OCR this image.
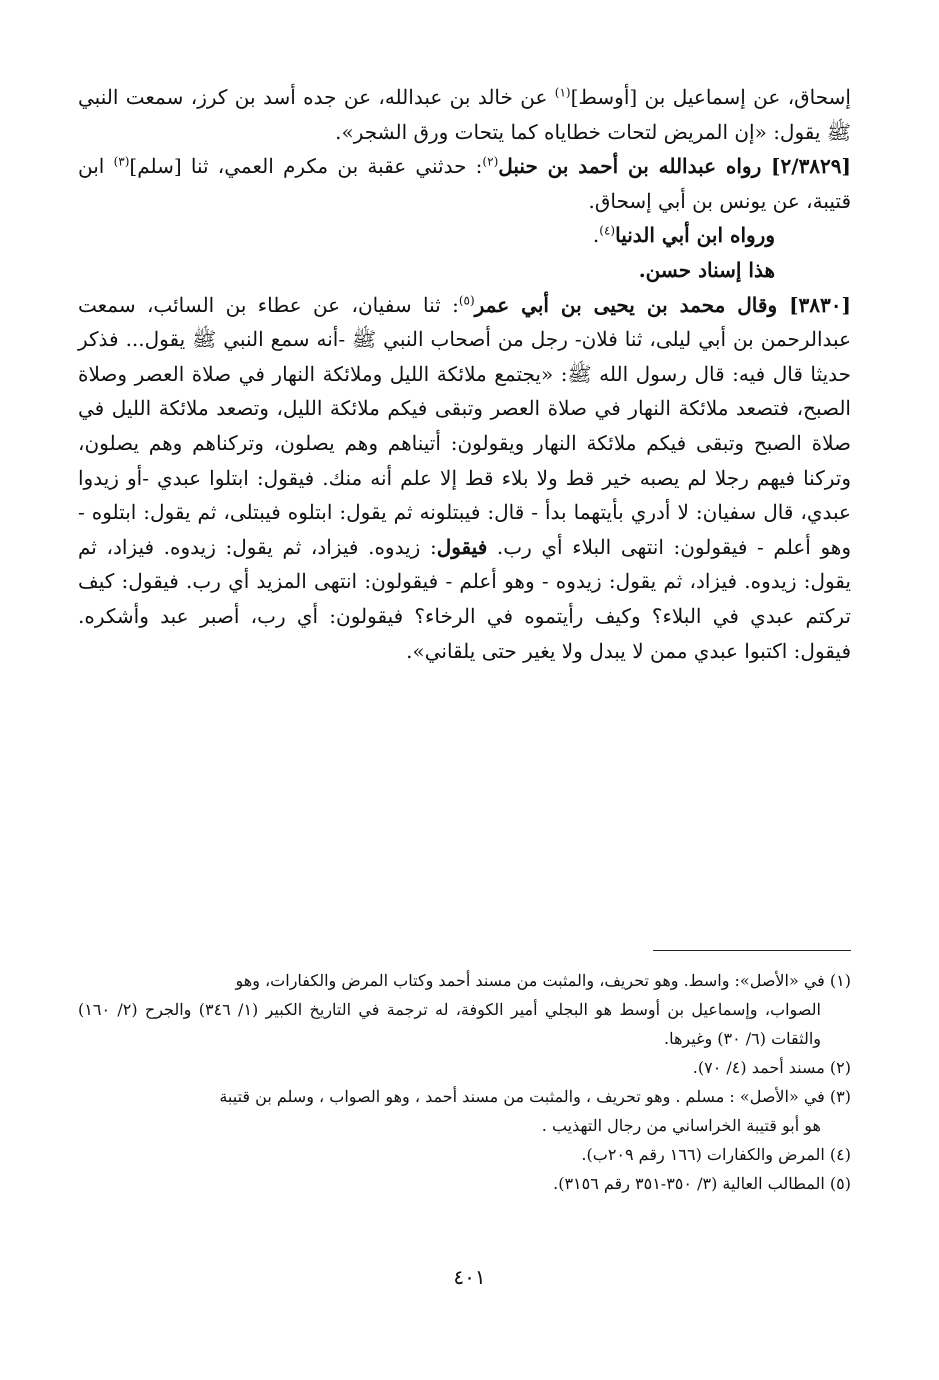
إسحاق، عن إسماعيل بن [أوسط]$^{(١)}$ عن خالد بن عبدالله، عن جده أسد بن كرز، سمعت النبي ﷺ يقول: «إن المريض لتحات خطاياه كما يتحات ورق الشجر».

[٢/٣٨٢٩] رواه عبدالله بن أحمد بن حنبل$^{(٢)}$: حدثني عقبة بن مكرم العمي، ثنا [سلم]$^{(٣)}$ ابن قتيبة، عن يونس بن أبي إسحاق.

ورواه ابن أبي الدنيا$^{(٤)}$.

هذا إسناد حسن.

[٣٨٣٠] وقال محمد بن يحيى بن أبي عمر$^{(٥)}$: ثنا سفيان، عن عطاء بن السائب، سمعت عبدالرحمن بن أبي ليلى، ثنا فلان- رجل من أصحاب النبي ﷺ -أنه سمع النبي ﷺ يقول... فذكر حديثا قال فيه: قال رسول الله ﷺ: «يجتمع ملائكة الليل وملائكة النهار في صلاة العصر وصلاة الصبح، فتصعد ملائكة النهار في صلاة العصر وتبقى فيكم ملائكة الليل، وتصعد ملائكة الليل في صلاة الصبح وتبقى فيكم ملائكة النهار ويقولون: أتيناهم وهم يصلون، وتركناهم وهم يصلون، وتركنا فيهم رجلا لم يصبه خير قط ولا بلاء قط إلا علم أنه منك. فيقول: ابتلوا عبدي -أو زيدوا عبدي، قال سفيان: لا أدري بأيتهما بدأ - قال: فيبتلونه ثم يقول: ابتلوه فيبتلى، ثم يقول: ابتلوه - وهو أعلم - فيقولون: انتهى البلاء أي رب. فيقول: زيدوه. فيزاد، ثم يقول: زيدوه. فيزاد، ثم يقول: زيدوه. فيزاد، ثم يقول: زيدوه - وهو أعلم - فيقولون: انتهى المزيد أي رب. فيقول: كيف تركتم عبدي في البلاء؟ وكيف رأيتموه في الرخاء؟ فيقولون: أي رب، أصبر عبد وأشكره. فيقول: اكتبوا عبدي ممن لا يبدل ولا يغير حتى يلقاني».

(١) في «الأصل»: واسط. وهو تحريف، والمثبت من مسند أحمد وكتاب المرض والكفارات، وهو

الصواب، وإسماعيل بن أوسط هو البجلي أمير الكوفة، له ترجمة في التاريخ الكبير (١/ ٣٤٦) والجرح (٢/ ١٦٠) والثقات (٦/ ٣٠) وغيرها.

(٢) مسند أحمد (٤/ ٧٠).

(٣) في «الأصل» : مسلم . وهو تحريف ، والمثبت من مسند أحمد ، وهو الصواب ، وسلم بن قتيبة

هو أبو قتيبة الخراساني من رجال التهذيب .

(٤) المرض والكفارات (١٦٦ رقم ٢٠٩ب).

(٥) المطالب العالية (٣/ ٣٥٠-٣٥١ رقم ٣١٥٦).

٤٠١
